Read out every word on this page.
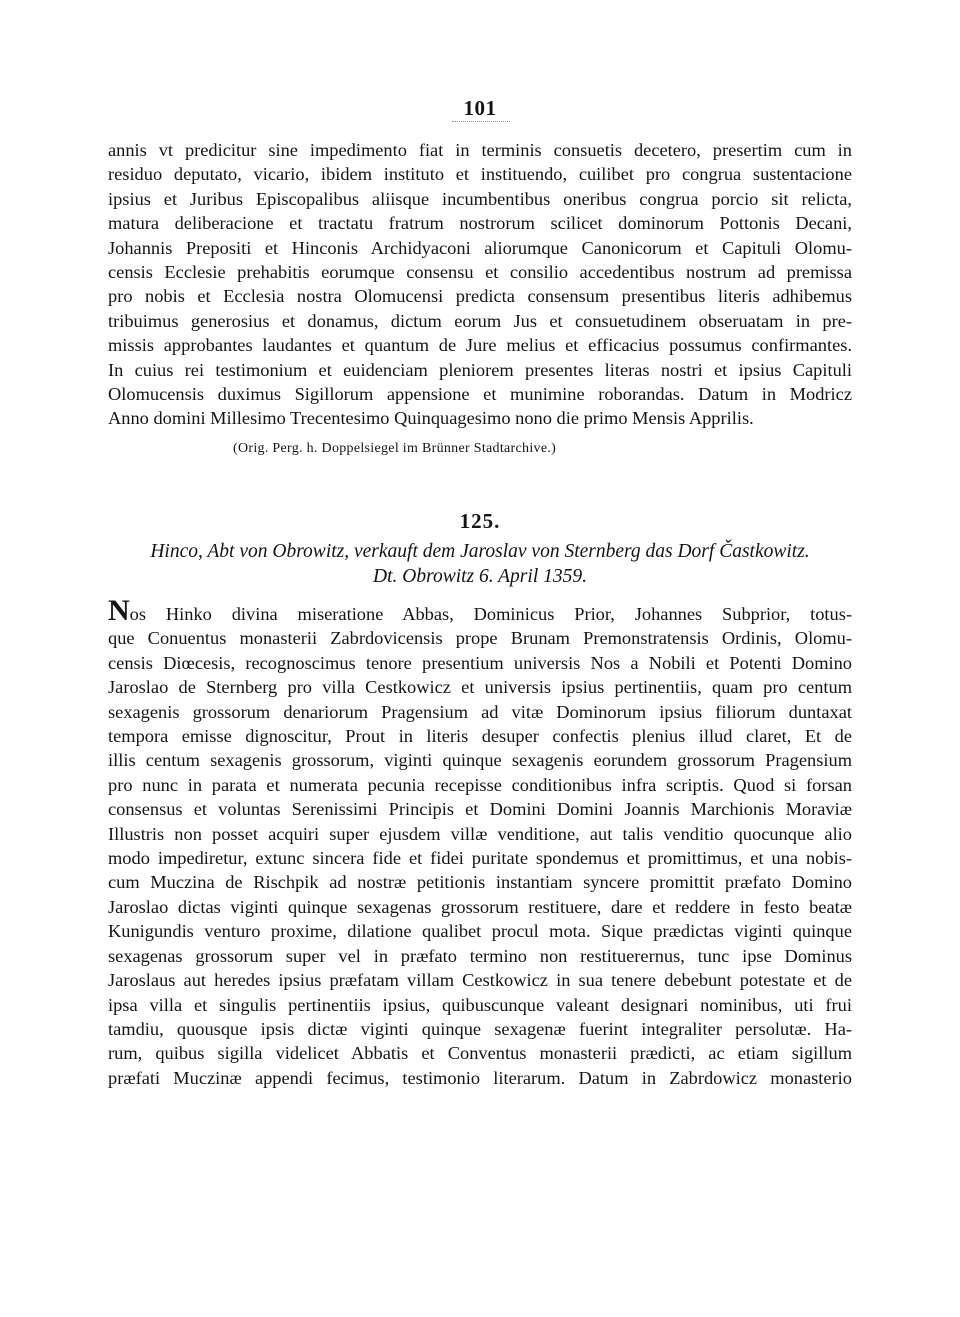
101
annis vt predicitur sine impedimento fiat in terminis consuetis decetero, presertim cum in
residuo deputato, vicario, ibidem instituto et instituendo, cuilibet pro congrua sustentacione
ipsius et Juribus Episcopalibus aliisque incumbentibus oneribus congrua porcio sit relicta,
matura deliberacione et tractatu fratrum nostrorum scilicet dominorum Pottonis Decani,
Johannis Prepositi et Hinconis Archidyaconi aliorumque Canonicorum et Capituli Olomu-
censis Ecclesie prehabitis eorumque consensu et consilio accedentibus nostrum ad premissa
pro nobis et Ecclesia nostra Olomucensi predicta consensum presentibus literis adhibemus
tribuimus generosius et donamus, dictum eorum Jus et consuetudinem obseruatam in pre-
missis approbantes laudantes et quantum de Jure melius et efficacius possumus confirmantes.
In cuius rei testimonium et euidenciam pleniorem presentes literas nostri et ipsius Capituli
Olomucensis duximus Sigillorum appensione et munimine roborandas. Datum in Modricz
Anno domini Millesimo Trecentesimo Quinquagesimo nono die primo Mensis Apprilis.
(Orig. Perg. h. Doppelsiegel im Brünner Stadtarchive.)
125.
Hinco, Abt von Obrowitz, verkauft dem Jaroslav von Sternberg das Dorf Častkowitz.
Dt. Obrowitz 6. April 1359.
Nos Hinko divina miseratione Abbas, Dominicus Prior, Johannes Subprior, totus-
que Conuentus monasterii Zabrdovicensis prope Brunam Premonstratensis Ordinis, Olomu-
censis Diœcesis, recognoscimus tenore presentium universis Nos a Nobili et Potenti Domino
Jaroslao de Sternberg pro villa Cestkowicz et universis ipsius pertinentiis, quam pro centum
sexagenis grossorum denariorum Pragensium ad vitæ Dominorum ipsius filiorum duntaxat
tempora emisse dignoscitur, Prout in literis desuper confectis plenius illud claret, Et de
illis centum sexagenis grossorum, viginti quinque sexagenis eorundem grossorum Pragensium
pro nunc in parata et numerata pecunia recepisse conditionibus infra scriptis. Quod si forsan
consensus et voluntas Serenissimi Principis et Domini Domini Joannis Marchionis Moraviæ
Illustris non posset acquiri super ejusdem villæ venditione, aut talis venditio quocunque alio
modo impediretur, extunc sincera fide et fidei puritate spondemus et promittimus, et una nobis-
cum Muczina de Rischpik ad nostræ petitionis instantiam syncere promittit præfato Domino
Jaroslao dictas viginti quinque sexagenas grossorum restituere, dare et reddere in festo beatæ
Kunigundis venturo proxime, dilatione qualibet procul mota. Sique prædictas viginti quinque
sexagenas grossorum super vel in præfato termino non restituerernus, tunc ipse Dominus
Jaroslaus aut heredes ipsius præfatam villam Cestkowicz in sua tenere debebunt potestate et de
ipsa villa et singulis pertinentiis ipsius, quibuscunque valeant designari nominibus, uti frui
tamdiu, quousque ipsis dictæ viginti quinque sexagenæ fuerint integraliter persolutæ. Ha-
rum, quibus sigilla videlicet Abbatis et Conventus monasterii prædicti, ac etiam sigillum
præfati Muczinæ appendi fecimus, testimonio literarum. Datum in Zabrdowicz monasterio
